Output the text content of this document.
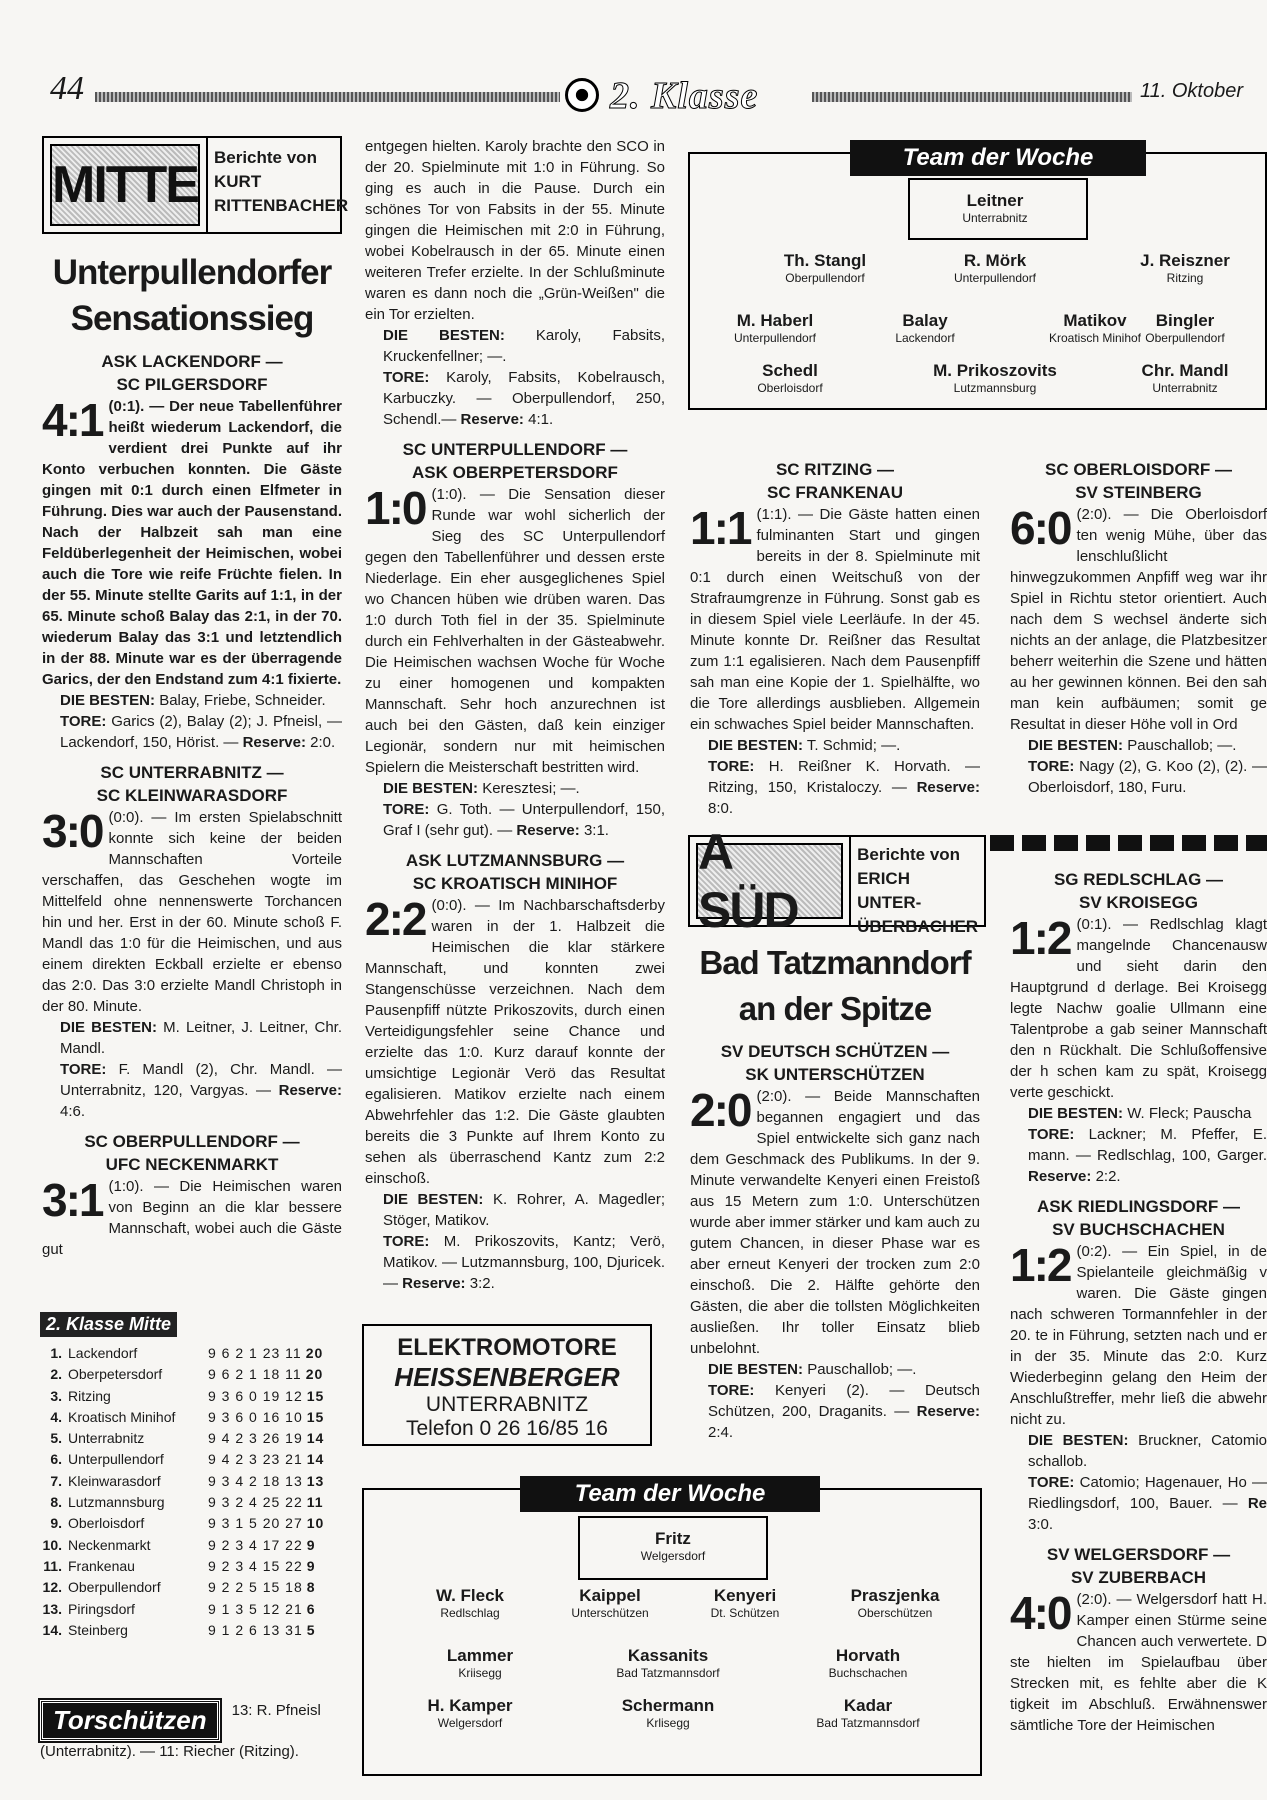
44	2. Klasse	11. Oktober
MITTE Berichte von
KURT
RITTENBACHER
Unterpullendorfer
Sensationssieg
ASK LACKENDORF —
SC PILGERSDORF

4:1 (0:1). — Der neue Tabellenführer heißt wiederum Lackendorf, die verdient drei Punkte auf ihr Konto verbuchen konnten. Die Gäste gingen mit 0:1 durch einen Elfmeter in Führung. Dies war auch der Pausenstand. Nach der Halbzeit sah man eine Feldüberlegenheit der Heimischen, wobei auch die Tore wie reife Früchte fielen. In der 55. Minute stellte Garits auf 1:1, in der 65. Minute schoß Balay das 2:1, in der 70. wiederum Balay das 3:1 und letztendlich in der 88. Minute war es der überragende Garics, der den Endstand zum 4:1 fixierte.

DIE BESTEN: Balay, Friebe, Schneider.

TORE: Garics (2), Balay (2); J. Pfneisl, — Lackendorf, 150, Hörist. — Reserve: 2:0.

SC UNTERRABNITZ —
SC KLEINWARASDORF

3:0 (0:0). — Im ersten Spielabschnitt konnte sich keine der beiden Mannschaften Vorteile verschaffen, das Geschehen wogte im Mittelfeld ohne nennenswerte Torchancen hin und her. Erst in der 60. Minute schoß F. Mandl das 1:0 für die Heimischen, und aus einem direkten Eckball erzielte er ebenso das 2:0. Das 3:0 erzielte Mandl Christoph in der 80. Minute.

DIE BESTEN: M. Leitner, J. Leitner, Chr. Mandl.

TORE: F. Mandl (2), Chr. Mandl. — Unterrabnitz, 120, Vargyas. — Reserve: 4:6.

SC OBERPULLENDORF —
UFC NECKENMARKT

3:1 (1:0). — Die Heimischen waren von Beginn an die klar bessere Mannschaft, wobei auch die Gäste gut

2. Klasse Mitte
1. Lackendorf	9 6 2 1 23 11 20
2. Oberpetersdorf	9 6 2 1 18 11 20
3. Ritzing	9 3 6 0 19 12 15
4. Kroatisch Minihof	9 3 6 0 16 10 15
5. Unterrabnitz	9 4 2 3 26 19 14
6. Unterpullendorf	9 4 2 3 23 21 14
7. Kleinwarasdorf	9 3 4 2 18 13 13
8. Lutzmannsburg	9 3 2 4 25 22 11
9. Oberloisdorf	9 3 1 5 20 27 10
10. Neckenmarkt	9 2 3 4 17 22 9
11. Frankenau	9 2 3 4 15 22 9
12. Oberpullendorf	9 2 2 5 15 18 8
13. Piringsdorf	9 1 3 5 12 21 6
14. Steinberg	9 1 2 6 13 31 5
Torschützen 13: R. Pfneisl (Unterrabnitz). — 11: Riecher (Ritzing).

entgegen hielten. Karoly brachte den SCO in der 20. Spielminute mit 1:0 in Führung. So ging es auch in die Pause. Durch ein schönes Tor von Fabsits in der 55. Minute gingen die Heimischen mit 2:0 in Führung, wobei Kobelrausch in der 65. Minute einen weiteren Trefer erzielte. In der Schlußminute waren es dann noch die „Grün-Weißen" die ein Tor erzielten.

DIE BESTEN: Karoly, Fabsits, Kruckenfellner; —.

TORE: Karoly, Fabsits, Kobelrausch, Karbuczky. — Oberpullendorf, 250, Schendl.— Reserve: 4:1.

SC UNTERPULLENDORF —
ASK OBERPETERSDORF

1:0 (1:0). — Die Sensation dieser Runde war wohl sicherlich der Sieg des SC Unterpullendorf gegen den Tabellenführer und dessen erste Niederlage. Ein eher ausgeglichenes Spiel wo Chancen hüben wie drüben waren. Das 1:0 durch Toth fiel in der 35. Spielminute durch ein Fehlverhalten in der Gästeabwehr. Die Heimischen wachsen Woche für Woche zu einer homogenen und kompakten Mannschaft. Sehr hoch anzurechnen ist auch bei den Gästen, daß kein einziger Legionär, sondern nur mit heimischen Spielern die Meisterschaft bestritten wird.

DIE BESTEN: Keresztesi; —.

TORE: G. Toth. — Unterpullendorf, 150, Graf I (sehr gut). — Reserve: 3:1.

ASK LUTZMANNSBURG —
SC KROATISCH MINIHOF

2:2 (0:0). — Im Nachbarschaftsderby waren in der 1. Halbzeit die Heimischen die klar stärkere Mannschaft, und konnten zwei Stangenschüsse verzeichnen. Nach dem Pausenpfiff nützte Prikoszovits, durch einen Verteidigungsfehler seine Chance und erzielte das 1:0. Kurz darauf konnte der umsichtige Legionär Verö das Resultat egalisieren. Matikov erzielte nach einem Abwehrfehler das 1:2. Die Gäste glaubten bereits die 3 Punkte auf Ihrem Konto zu sehen als überraschend Kantz zum 2:2 einschoß.

DIE BESTEN: K. Rohrer, A. Magedler; Stöger, Matikov.

TORE: M. Prikoszovits, Kantz; Verö, Matikov. — Lutzmannsburg, 100, Djuricek. — Reserve: 3:2.

ELEKTROMOTORE
HEISSENBERGER
UNTERRABNITZ
Telefon 0 26 16/85 16
Team der Woche
Leitner
Unterrabnitz
Th. Stangl
Oberpullendorf
R. Mörk
Unterpullendorf
J. Reiszner
Ritzing
M. Haberl
Unterpullendorf
Balay
Lackendorf
Matikov
Kroatisch Minihof
Bingler
Oberpullendorf
Schedl
Oberloisdorf
M. Prikoszovits
Lutzmannsburg
Chr. Mandl
Unterrabnitz
SC RITZING —
SC FRANKENAU

1:1 (1:1). — Die Gäste hatten einen fulminanten Start und gingen bereits in der 8. Spielminute mit 0:1 durch einen Weitschuß von der Strafraumgrenze in Führung. Sonst gab es in diesem Spiel viele Leerläufe. In der 45. Minute konnte Dr. Reißner das Resultat zum 1:1 egalisieren. Nach dem Pausenpfiff sah man eine Kopie der 1. Spielhälfte, wo die Tore allerdings ausblieben. Allgemein ein schwaches Spiel beider Mannschaften.

DIE BESTEN: T. Schmid; —.

TORE: H. Reißner K. Horvath. — Ritzing, 150, Kristaloczy. — Reserve: 8:0.

SC OBERLOISDORF —
SV STEINBERG

6:0 (2:0). — Die Oberloisdorf ten wenig Mühe, über das lenschlußlicht hinwegzukommen Anpfiff weg war ihr Spiel in Richtu stetor orientiert. Auch nach dem S wechsel änderte sich nichts an der anlage, die Platzbesitzer beherr weiterhin die Szene und hätten au her gewinnen können. Bei den sah man kein aufbäumen; somit ge Resultat in dieser Höhe voll in Ord

DIE BESTEN: Pauschallob; —.

TORE: Nagy (2), G. Koo (2), (2). — Oberloisdorf, 180, Furu.

A SÜD
Berichte von
ERICH UNTER-
ÜBERBACHER
Bad Tatzmanndorf
an der Spitze
SV DEUTSCH SCHÜTZEN —
SK UNTERSCHÜTZEN

2:0 (2:0). — Beide Mannschaften begannen engagiert und das Spiel entwickelte sich ganz nach dem Geschmack des Publikums. In der 9. Minute verwandelte Kenyeri einen Freistoß aus 15 Metern zum 1:0. Unterschützen wurde aber immer stärker und kam auch zu gutem Chancen, in dieser Phase war es aber erneut Kenyeri der trocken zum 2:0 einschoß. Die 2. Hälfte gehörte den Gästen, die aber die tollsten Möglichkeiten ausließen. Ihr toller Einsatz blieb unbelohnt.

DIE BESTEN: Pauschallob; —.

TORE: Kenyeri (2). — Deutsch Schützen, 200, Draganits. — Reserve: 2:4.

SG REDLSCHLAG —
SV KROISEGG

1:2 (0:1). — Redlschlag klagt mangelnde Chancenausw und sieht darin den Hauptgrund d derlage. Bei Kroisegg legte Nachw goalie Ullmann eine Talentprobe a gab seiner Mannschaft den n Rückhalt. Die Schlußoffensive der h schen kam zu spät, Kroisegg verte geschickt.

DIE BESTEN: W. Fleck; Pauscha

TORE: Lackner; M. Pfeffer, E. mann. — Redlschlag, 100, Garger. Reserve: 2:2.

ASK RIEDLINGSDORF —
SV BUCHSCHACHEN

1:2 (0:2). — Ein Spiel, in de Spielanteile gleichmäßig v waren. Die Gäste gingen nach schweren Tormannfehler in der 20. te in Führung, setzten nach und er in der 35. Minute das 2:0. Kurz Wiederbeginn gelang den Heim der Anschlußtreffer, mehr ließ die abwehr nicht zu.

DIE BESTEN: Bruckner, Catomio schallob.

TORE: Catomio; Hagenauer, Ho — Riedlingsdorf, 100, Bauer. — Re 3:0.

SV WELGERSDORF —
SV ZUBERBACH

4:0 (2:0). — Welgersdorf hatt H. Kamper einen Stürme seine Chancen auch verwertete. D ste hielten im Spielaufbau über Strecken mit, es fehlte aber die K tigkeit im Abschluß. Erwähnenswer sämtliche Tore der Heimischen

Team der Woche
Fritz
Welgersdorf
W. Fleck
Redlschlag
Kaippel
Unterschützen
Kenyeri
Dt. Schützen
Praszjenka
Oberschützen
Lammer
Kriisegg
Kassanits
Bad Tatzmannsdorf
Horvath
Buchschachen
H. Kamper
Welgersdorf
Schermann
Krlisegg
Kadar
Bad Tatzmannsdorf
